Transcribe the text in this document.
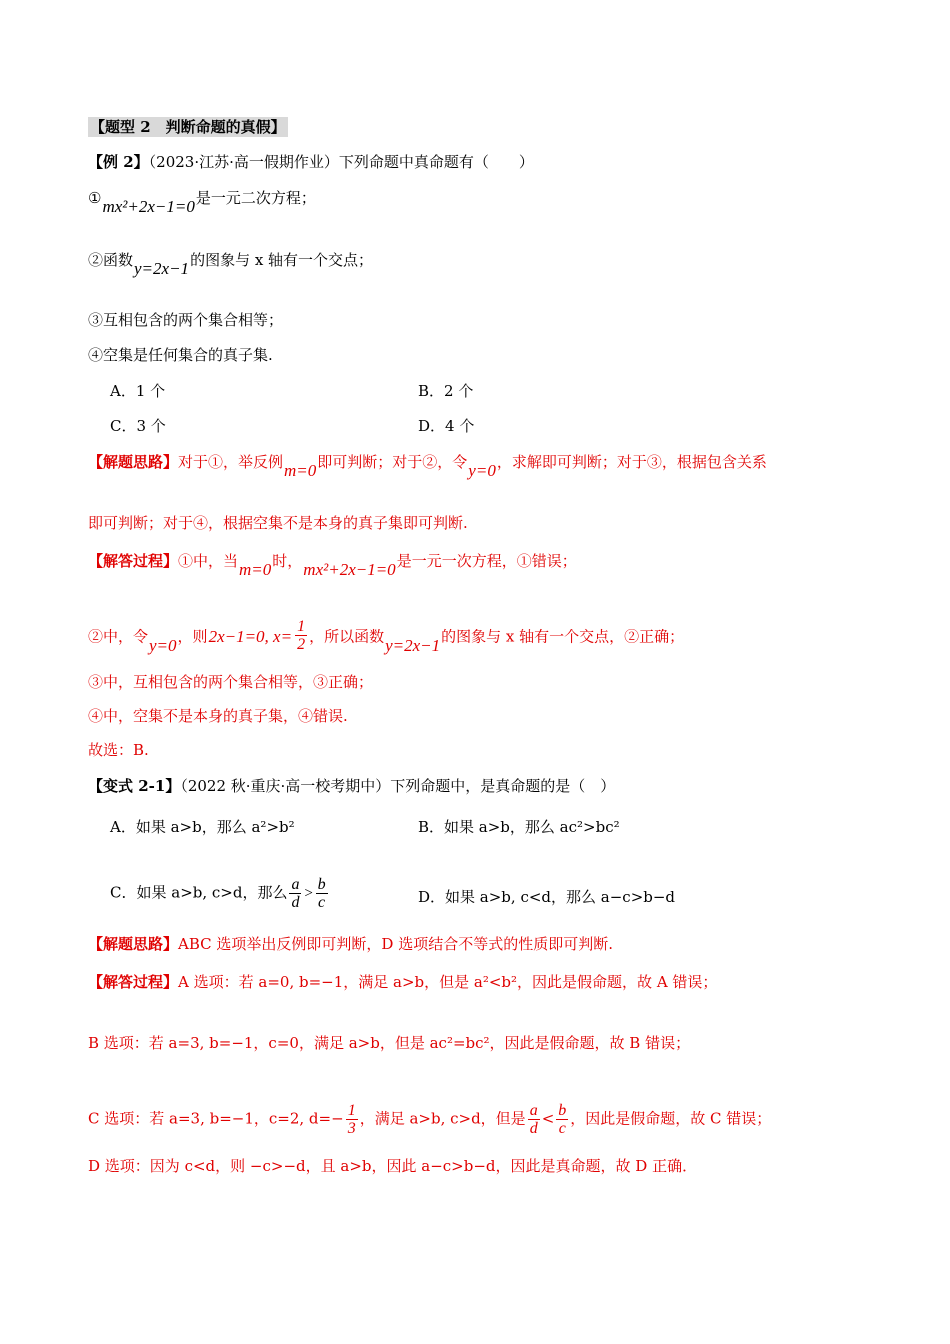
【题型 2　判断命题的真假】
【例 2】（2023·江苏·高一假期作业）下列命题中真命题有（　　）
①mx²+2x−1=0是一元二次方程；
②函数y=2x−1的图象与 x 轴有一个交点；
③互相包含的两个集合相等；
④空集是任何集合的真子集.
A．1 个	B．2 个
C．3 个	D．4 个
【解题思路】对于①，举反例m=0即可判断；对于②，令y=0，求解即可判断；对于③，根据包含关系
即可判断；对于④，根据空集不是本身的真子集即可判断.
【解答过程】①中，当m=0时，mx²+2x−1=0是一元一次方程，①错误；
②中，令y=0，则2x−1=0, $x= \frac{1}{2}$ ，所以函数y=2x−1的图象与 x 轴有一个交点，②正确；
③中，互相包含的两个集合相等，③正确；
④中，空集不是本身的真子集，④错误.
故选：B.
【变式 2-1】（2022 秋·重庆·高一校考期中）下列命题中，是真命题的是（　）
A．如果 a>b，那么 a²>b²	B．如果 a>b，那么 ac²>bc²
C．如果 a>b, c>d，那么 $\frac{a}{d} > \frac{b}{c}$	D．如果 a>b, c<d，那么 a−c>b−d
【解题思路】ABC 选项举出反例即可判断，D 选项结合不等式的性质即可判断.
【解答过程】A 选项：若 a=0, b=−1，满足 a>b，但是 a²<b²，因此是假命题，故 A 错误；
B 选项：若 a=3, b=−1，c=0，满足 a>b，但是 ac²=bc²，因此是假命题，故 B 错误；
C 选项：若 a=3, b=−1，c=2, $d=- \frac{1}{3}$ ，满足 a>b, c>d，但是 $\frac{a}{d} < \frac{b}{c}$ ，因此是假命题，故 C 错误；
D 选项：因为 c<d，则 −c>−d，且 a>b，因此 a−c>b−d，因此是真命题，故 D 正确．
